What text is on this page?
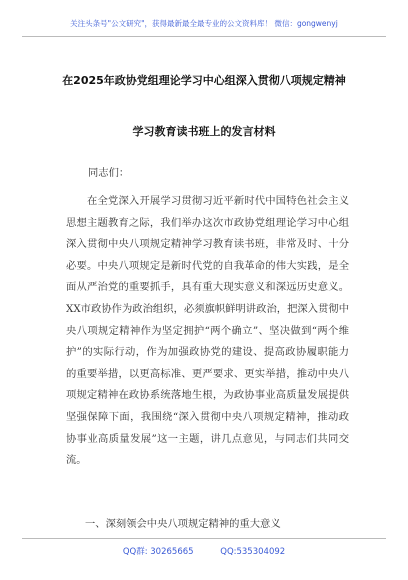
关注头条号"公文研究"，获得最新最全最专业的公文资料库！ 微信：gongwenyj
在2025年政协党组理论学习中心组深入贯彻八项规定精神
学习教育读书班上的发言材料
同志们：
在全党深入开展学习贯彻习近平新时代中国特色社会主义思想主题教育之际，我们举办这次市政协党组理论学习中心组深入贯彻中央八项规定精神学习教育读书班，非常及时、十分必要。中央八项规定是新时代党的自我革命的伟大实践，是全面从严治党的重要抓手，具有重大现实意义和深远历史意义。XX市政协作为政治组织，必须旗帜鲜明讲政治，把深入贯彻中央八项规定精神作为坚定拥护“两个确立”、坚决做到“两个维护”的实际行动，作为加强政协党的建设、提高政协履职能力的重要举措，以更高标准、更严要求、更实举措，推动中央八项规定精神在政协系统落地生根，为政协事业高质量发展提供坚强保障下面，我围绕“深入贯彻中央八项规定精神，推动政协事业高质量发展”这一主题，讲几点意见，与同志们共同交流。
一、深刻领会中央八项规定精神的重大意义
QQ群: 30265665	QQ:535304092
